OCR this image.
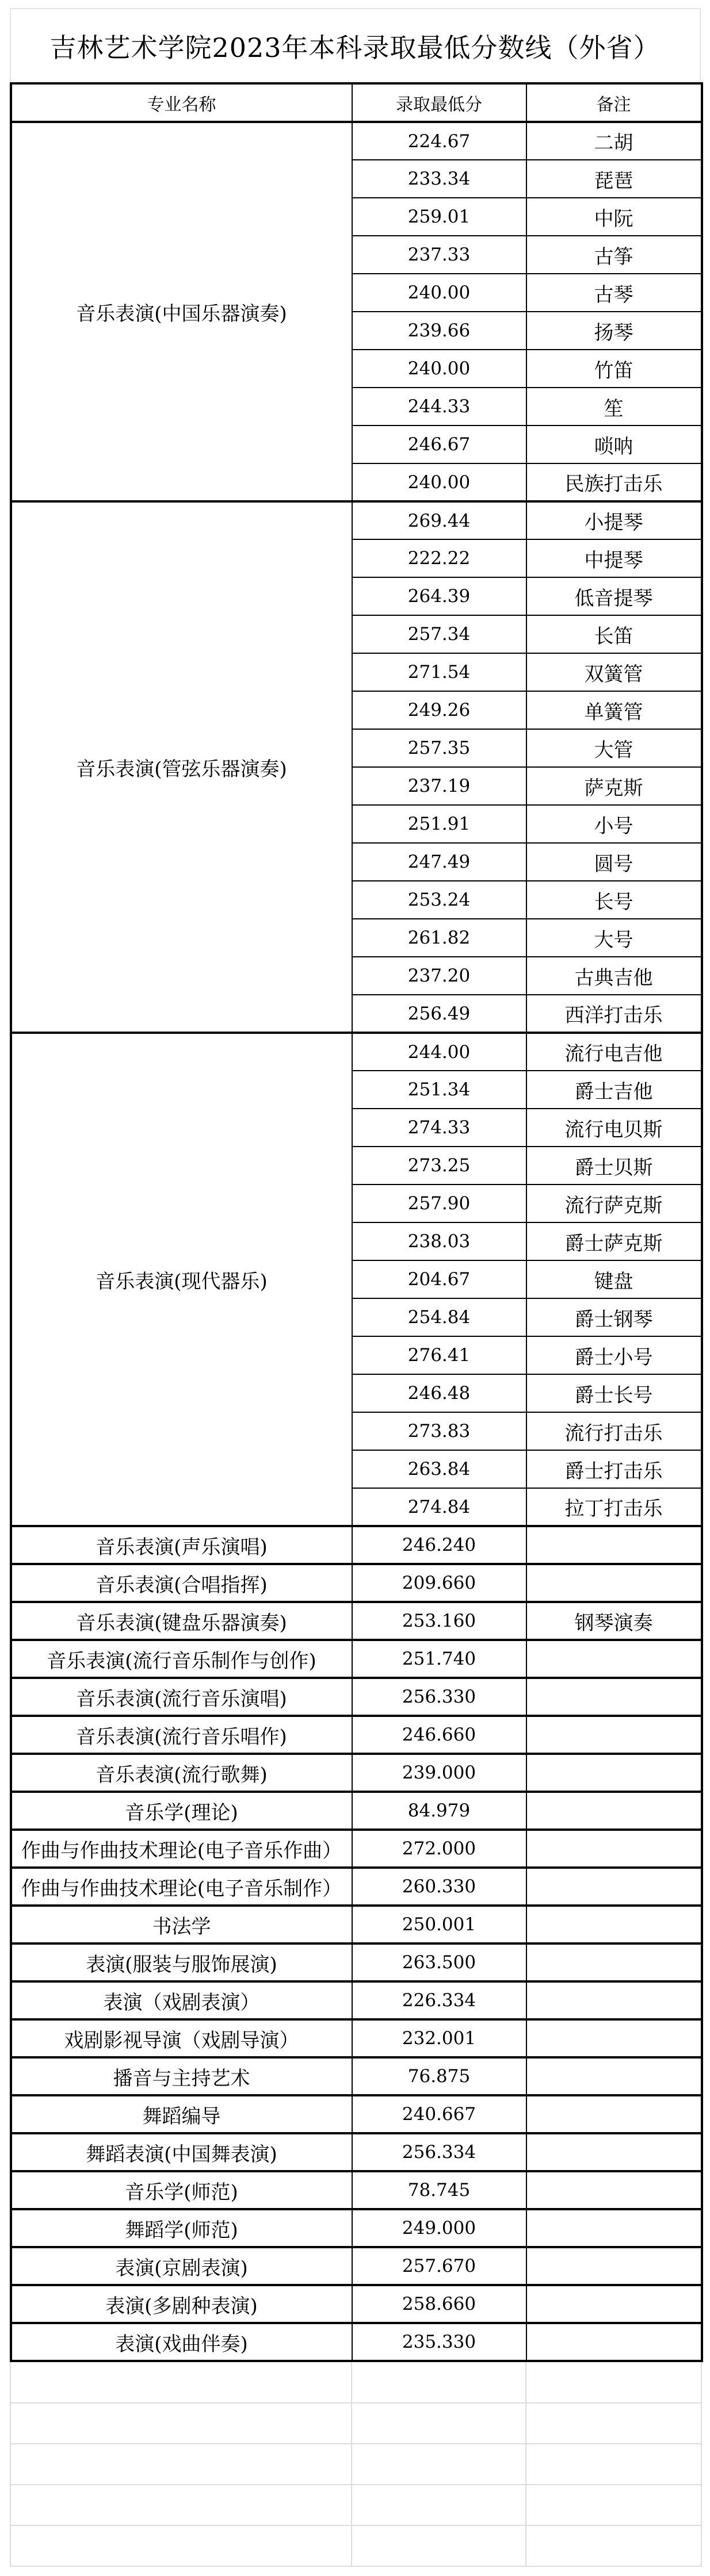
吉林艺术学院2023年本科录取最低分数线（外省）
专业名称	录取最低分	备注
音乐表演(中国乐器演奏)	224.67	二胡
	233.34	琵琶
	259.01	中阮
	237.33	古筝
	240.00	古琴
	239.66	扬琴
	240.00	竹笛
	244.33	笙
	246.67	唢呐
	240.00	民族打击乐
音乐表演(管弦乐器演奏)	269.44	小提琴
	222.22	中提琴
	264.39	低音提琴
	257.34	长笛
	271.54	双簧管
	249.26	单簧管
	257.35	大管
	237.19	萨克斯
	251.91	小号
	247.49	圆号
	253.24	长号
	261.82	大号
	237.20	古典吉他
	256.49	西洋打击乐
音乐表演(现代器乐)	244.00	流行电吉他
	251.34	爵士吉他
	274.33	流行电贝斯
	273.25	爵士贝斯
	257.90	流行萨克斯
	238.03	爵士萨克斯
	204.67	键盘
	254.84	爵士钢琴
	276.41	爵士小号
	246.48	爵士长号
	273.83	流行打击乐
	263.84	爵士打击乐
	274.84	拉丁打击乐
音乐表演(声乐演唱)	246.240	
音乐表演(合唱指挥)	209.660	
音乐表演(键盘乐器演奏)	253.160	钢琴演奏
音乐表演(流行音乐制作与创作)	251.740	
音乐表演(流行音乐演唱)	256.330	
音乐表演(流行音乐唱作)	246.660	
音乐表演(流行歌舞)	239.000	
音乐学(理论)	84.979	
作曲与作曲技术理论(电子音乐作曲）	272.000	
作曲与作曲技术理论(电子音乐制作）	260.330	
书法学	250.001	
表演(服装与服饰展演)	263.500	
表演（戏剧表演）	226.334	
戏剧影视导演（戏剧导演）	232.001	
播音与主持艺术	76.875	
舞蹈编导	240.667	
舞蹈表演(中国舞表演)	256.334	
音乐学(师范)	78.745	
舞蹈学(师范)	249.000	
表演(京剧表演)	257.670	
表演(多剧种表演)	258.660	
表演(戏曲伴奏)	235.330	
